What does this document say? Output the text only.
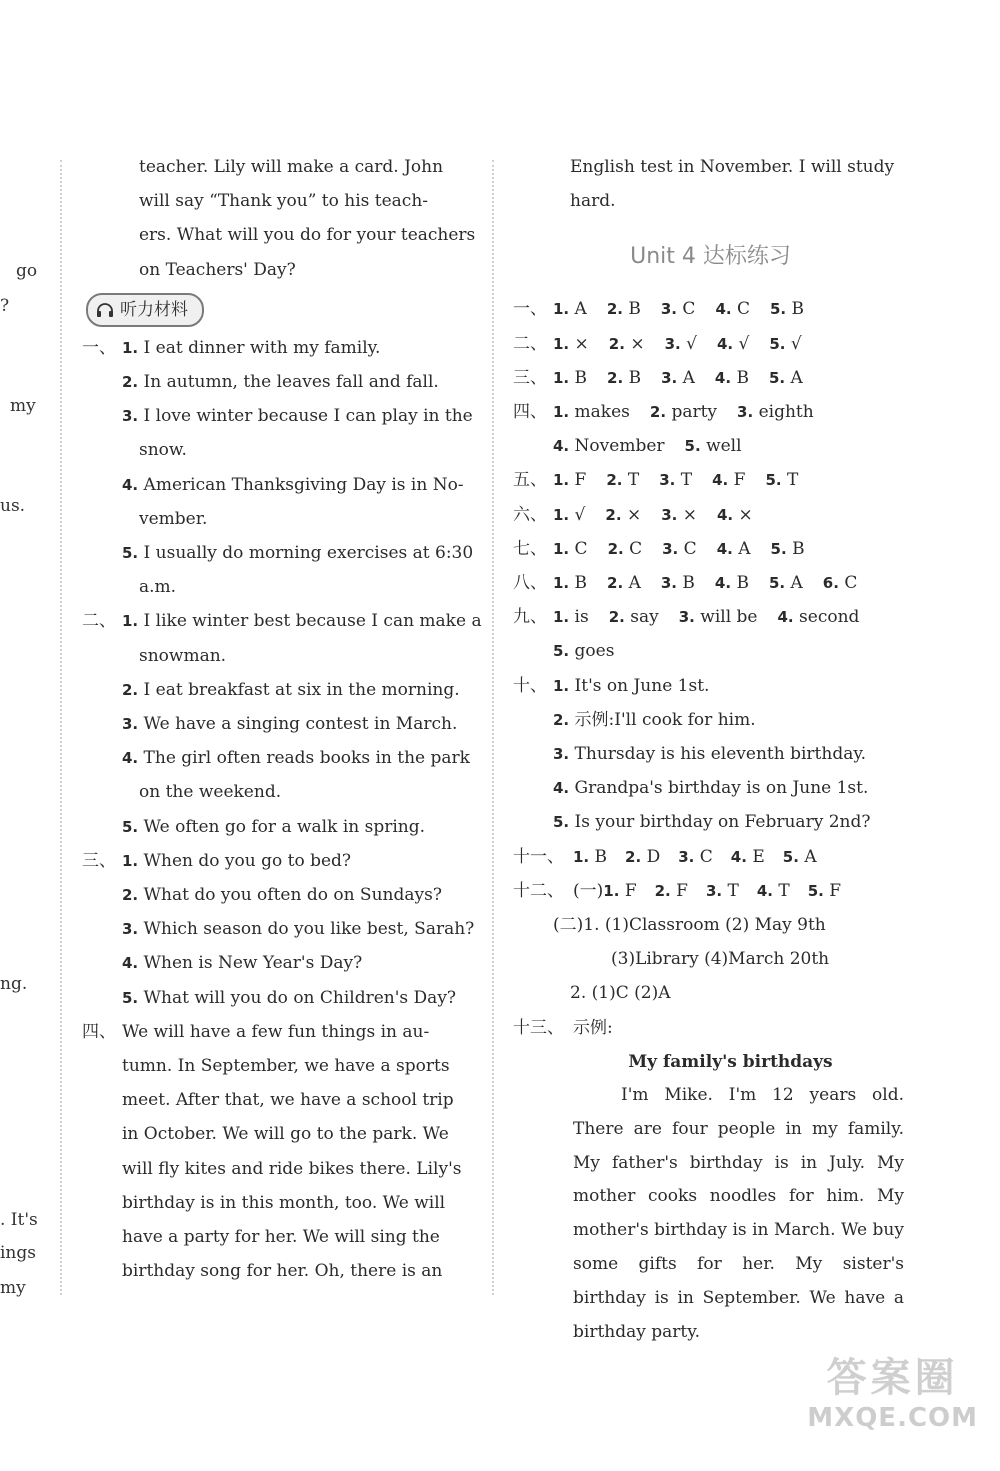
go
?
my
us.
ng.
. It's
ings
my
teacher. Lily will make a card. John
will say “Thank you” to his teach-
ers. What will you do for your teachers
on Teachers' Day?
听力材料
一、 1. I eat dinner with my family.
2. In autumn, the leaves fall and fall.
3. I love winter because I can play in the
snow.
4. American Thanksgiving Day is in No-
vember.
5. I usually do morning exercises at 6:30
a.m.
二、 1. I like winter best because I can make a
snowman.
2. I eat breakfast at six in the morning.
3. We have a singing contest in March.
4. The girl often reads books in the park
on the weekend.
5. We often go for a walk in spring.
三、 1. When do you go to bed?
2. What do you often do on Sundays?
3. Which season do you like best, Sarah?
4. When is New Year's Day?
5. What will you do on Children's Day?
四、 We will have a few fun things in au-
tumn. In September, we have a sports
meet. After that, we have a school trip
in October. We will go to the park. We
will fly kites and ride bikes there. Lily's
birthday is in this month, too. We will
have a party for her. We will sing the
birthday song for her. Oh, there is an
English test in November. I will study
hard.
Unit 4 达标练习
一、 1. A 2. B 3. C 4. C 5. B
二、 1. × 2. × 3. √ 4. √ 5. √
三、 1. B 2. B 3. A 4. B 5. A
四、 1. makes 2. party 3. eighth
4. November 5. well
五、 1. F 2. T 3. T 4. F 5. T
六、 1. √ 2. × 3. × 4. ×
七、 1. C 2. C 3. C 4. A 5. B
八、 1. B 2. A 3. B 4. B 5. A 6. C
九、 1. is 2. say 3. will be 4. second
5. goes
十、 1. It's on June 1st.
2. 示例:I'll cook for him.
3. Thursday is his eleventh birthday.
4. Grandpa's birthday is on June 1st.
5. Is your birthday on February 2nd?
十一、 1. B 2. D 3. C 4. E 5. A
十二、 (一)1. F 2. F 3. T 4. T 5. F
(二)1. (1)Classroom (2) May 9th
(3)Library (4)March 20th
2. (1)C (2)A
十三、 示例:
My family's birthdays
I'm Mike. I'm 12 years old. There are four people in my family. My father's birthday is in July. My mother cooks noodles for him. My mother's birthday is in March. We buy some gifts for her. My sister's birthday is in September. We have a birthday party.
答案圈
MXQE.COM
